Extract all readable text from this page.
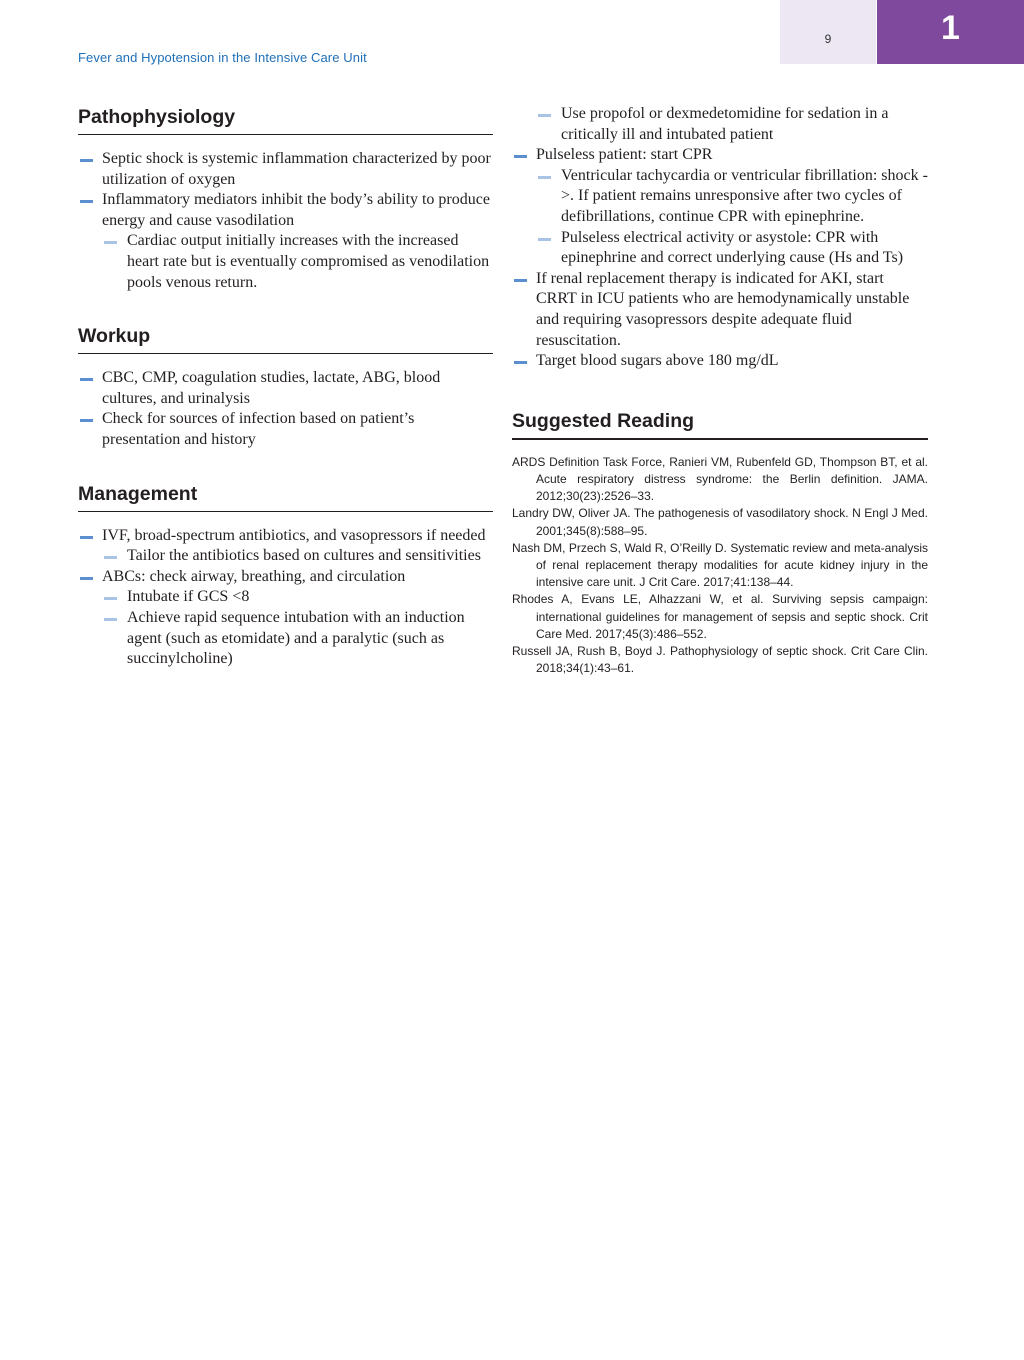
Fever and Hypotension in the Intensive Care Unit
9	1
Pathophysiology
Septic shock is systemic inflammation characterized by poor utilization of oxygen
Inflammatory mediators inhibit the body’s ability to produce energy and cause vasodilation
Cardiac output initially increases with the increased heart rate but is eventually compromised as venodilation pools venous return.
Workup
CBC, CMP, coagulation studies, lactate, ABG, blood cultures, and urinalysis
Check for sources of infection based on patient’s presentation and history
Management
IVF, broad-spectrum antibiotics, and vasopressors if needed
Tailor the antibiotics based on cultures and sensitivities
ABCs: check airway, breathing, and circulation
Intubate if GCS <8
Achieve rapid sequence intubation with an induction agent (such as etomidate) and a paralytic (such as succinylcholine)
Use propofol or dexmedetomidine for sedation in a critically ill and intubated patient
Pulseless patient: start CPR
Ventricular tachycardia or ventricular fibrillation: shock ->. If patient remains unresponsive after two cycles of defibrillations, continue CPR with epinephrine.
Pulseless electrical activity or asystole: CPR with epinephrine and correct underlying cause (Hs and Ts)
If renal replacement therapy is indicated for AKI, start CRRT in ICU patients who are hemodynamically unstable and requiring vasopressors despite adequate fluid resuscitation.
Target blood sugars above 180 mg/dL
Suggested Reading

ARDS Definition Task Force, Ranieri VM, Rubenfeld GD, Thompson BT, et al. Acute respiratory distress syndrome: the Berlin definition. JAMA. 2012;30(23):2526–33.

Landry DW, Oliver JA. The pathogenesis of vasodilatory shock. N Engl J Med. 2001;345(8):588–95.

Nash DM, Przech S, Wald R, O’Reilly D. Systematic review and meta-analysis of renal replacement therapy modalities for acute kidney injury in the intensive care unit. J Crit Care. 2017;41:138–44.

Rhodes A, Evans LE, Alhazzani W, et al. Surviving sepsis campaign: international guidelines for management of sepsis and septic shock. Crit Care Med. 2017;45(3):486–552.

Russell JA, Rush B, Boyd J. Pathophysiology of septic shock. Crit Care Clin. 2018;34(1):43–61.
